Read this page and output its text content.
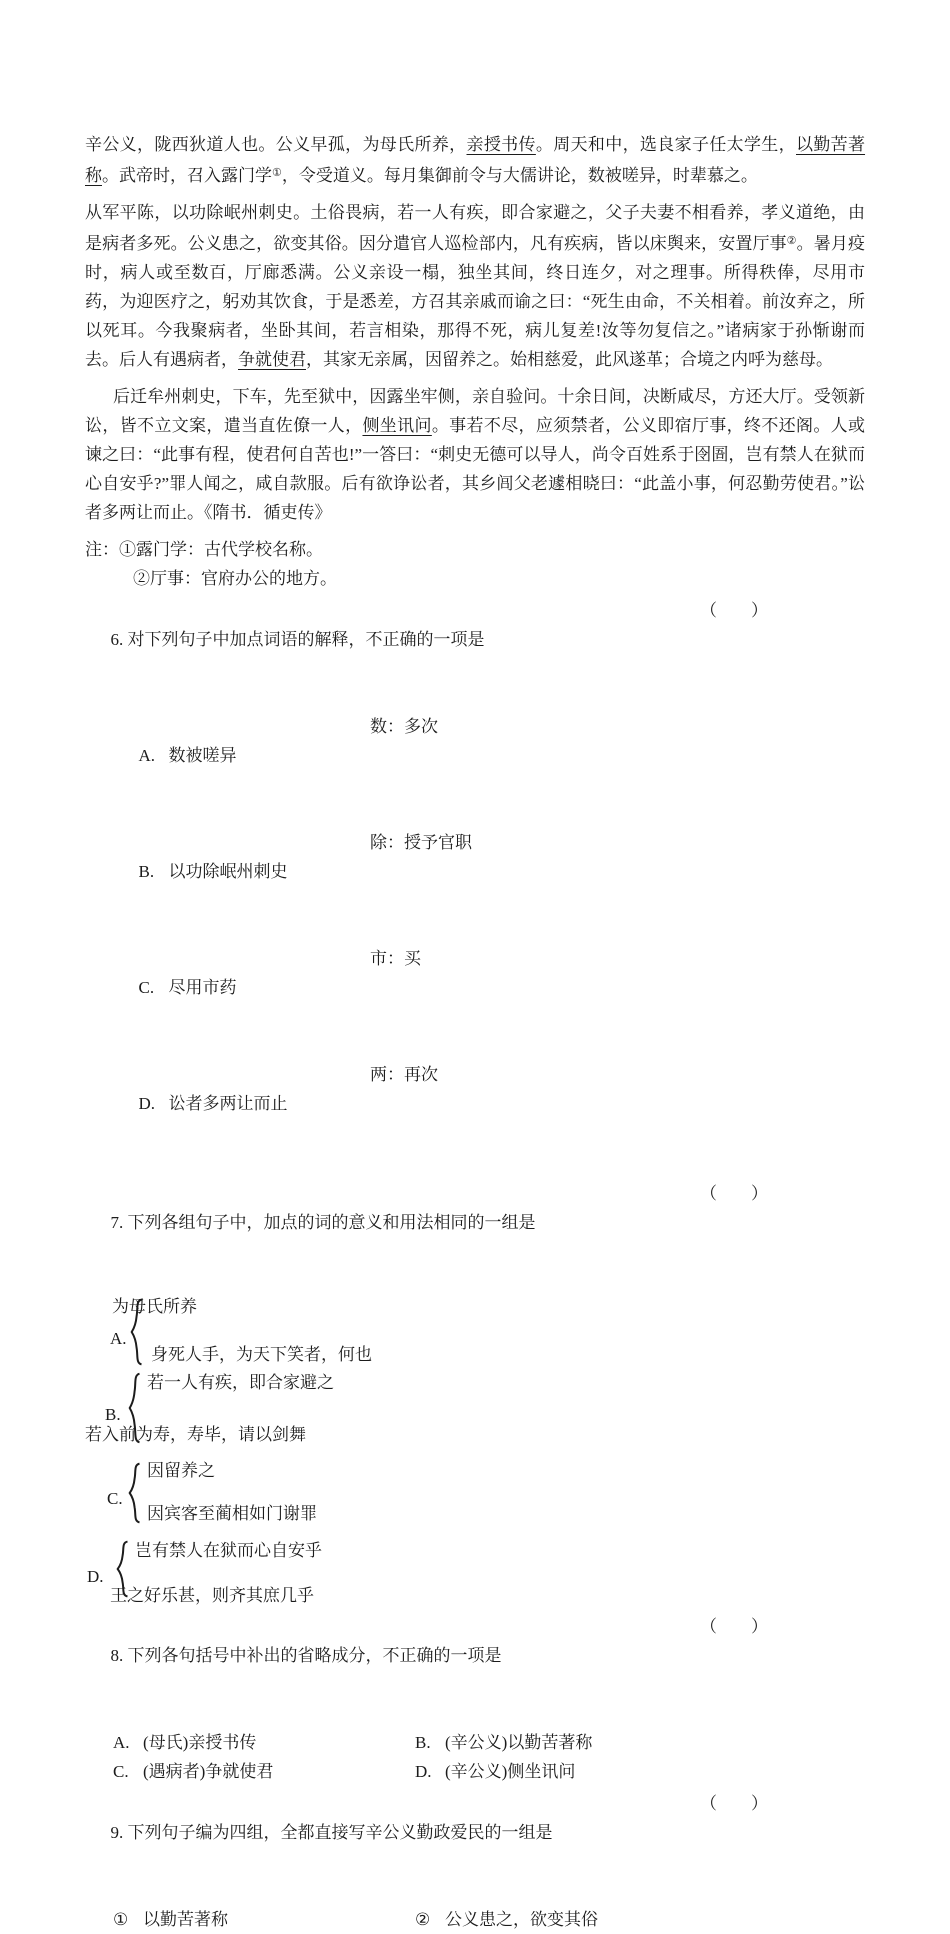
辛公义，陇西狄道人也。公义早孤，为母氏所养，亲授书传。周天和中，选良家子任太学生，以勤苦著称。武帝时，召入露门学①，令受道义。每月集御前令与大儒讲论，数被嗟异，时辈慕之。

从军平陈，以功除岷州刺史。土俗畏病，若一人有疾，即合家避之，父子夫妻不相看养，孝义道绝，由是病者多死。公义患之，欲变其俗。因分遣官人巡检部内，凡有疾病，皆以床舆来，安置厅事②。暑月疫时，病人或至数百，厅廊悉满。公义亲设一榻，独坐其间，终日连夕，对之理事。所得秩俸，尽用市药，为迎医疗之，躬劝其饮食，于是悉差，方召其亲戚而谕之曰：“死生由命，不关相着。前汝弃之，所以死耳。今我聚病者，坐卧其间，若言相染，那得不死，病儿复差!汝等勿复信之。”诸病家于孙惭谢而去。后人有遇病者，争就使君，其家无亲属，因留养之。始相慈爱，此风遂革；合境之内呼为慈母。

后迁牟州刺史，下车，先至狱中，因露坐牢侧，亲自验问。十余日间，决断咸尽，方还大厅。受领新讼，皆不立文案，遣当直佐僚一人，侧坐讯问。事若不尽，应须禁者，公义即宿厅事，终不还阁。人或谏之曰：“此事有程，使君何自苦也!”一答曰：“刺史无德可以导人，尚令百姓系于囹圄，岂有禁人在狱而心自安乎?”罪人闻之，咸自款服。后有欲诤讼者，其乡闾父老遽相晓曰：“此盖小事，何忍勤劳使君。”讼者多两让而止。《隋书．循吏传》

注：①露门学：古代学校名称。
②厅事：官府办公的地方。

6. 对下列句子中加点词语的解释，不正确的一项是

（　　）

A. 数被嗟异

数：多次

B. 以功除岷州刺史

除：授予官职

C. 尽用市药

市：买

D. 讼者多两让而止

两：再次

7. 下列各组句子中，加点的词的意义和用法相同的一组是

（　　）

为母氏所养
A.
身死人手，为天下笑者，何也
若一人有疾，即合家避之
B.
若入前为寿，寿毕，请以剑舞
因留养之
C.
因宾客至蔺相如门谢罪
岂有禁人在狱而心自安乎
D.
王之好乐甚，则齐其庶几乎

8. 下列各句括号中补出的省略成分，不正确的一项是

（　　）

A. (母氏)亲授书传	B. (辛公义)以勤苦著称
C. (遇病者)争就使君	D. (辛公义)侧坐讯问

9. 下列句子编为四组，全都直接写辛公义勤政爱民的一组是

（　　）

① 以勤苦著称	② 公义患之，欲变其俗
